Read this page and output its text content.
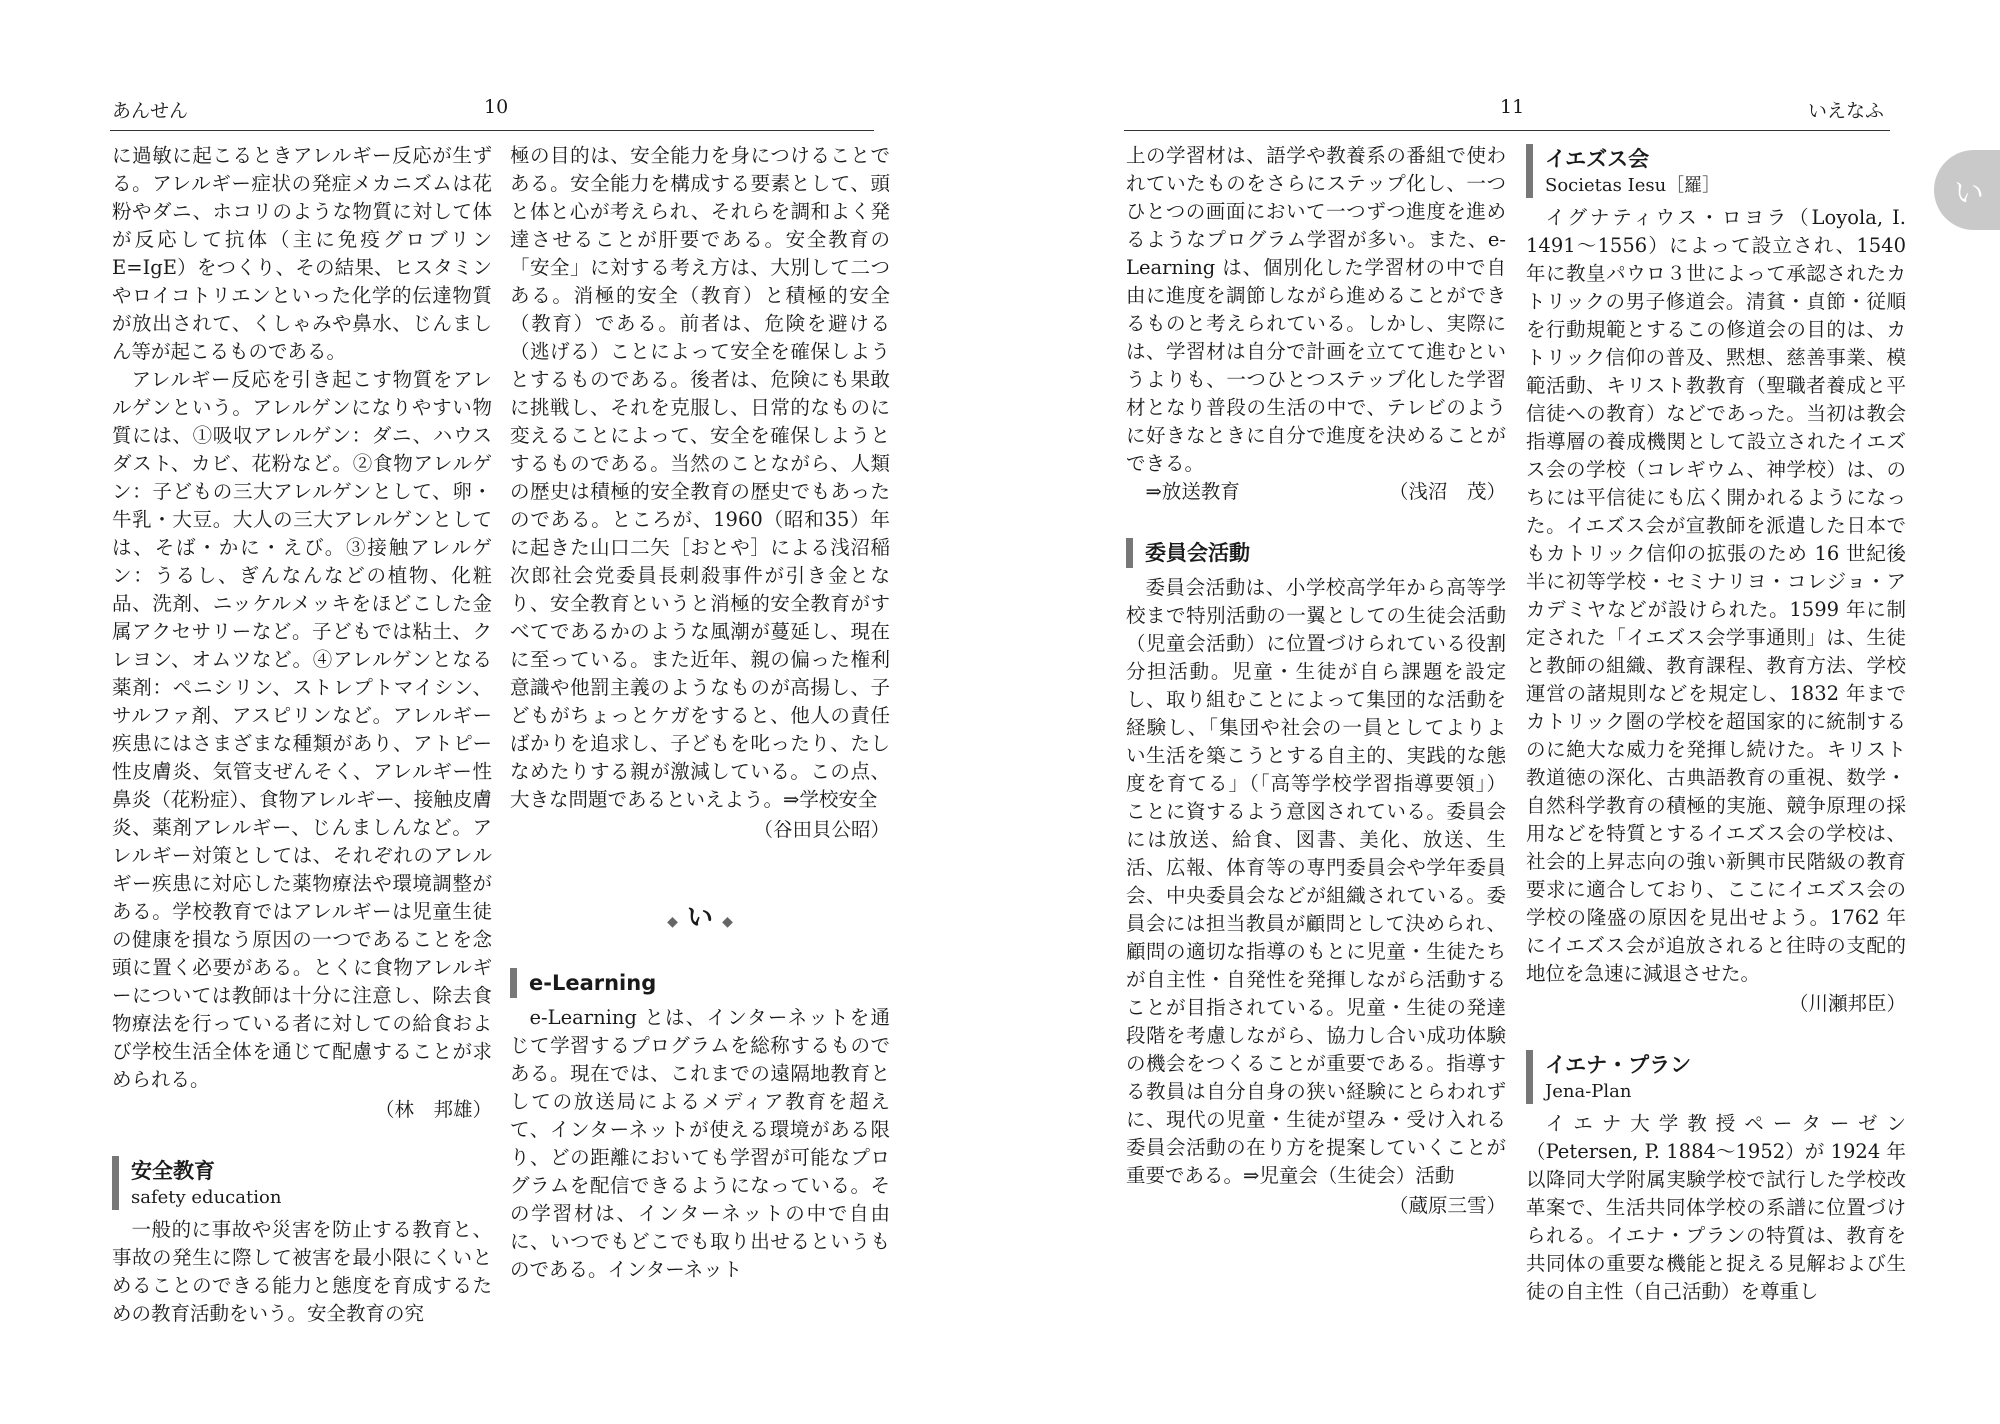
あんせん	10	11	いえなふ
い

に過敏に起こるときアレルギー反応が生ずる。アレルギー症状の発症メカニズムは花粉やダニ、ホコリのような物質に対して体が反応して抗体（主に免疫グロブリン E=IgE）をつくり、その結果、ヒスタミンやロイコトリエンといった化学的伝達物質が放出されて、くしゃみや鼻水、じんましん等が起こるものである。

アレルギー反応を引き起こす物質をアレルゲンという。アレルゲンになりやすい物質には、①吸収アレルゲン：ダニ、ハウスダスト、カビ、花粉など。②食物アレルゲン：子どもの三大アレルゲンとして、卵・牛乳・大豆。大人の三大アレルゲンとしては、そば・かに・えび。③接触アレルゲン：うるし、ぎんなんなどの植物、化粧品、洗剤、ニッケルメッキをほどこした金属アクセサリーなど。子どもでは粘土、クレヨン、オムツなど。④アレルゲンとなる薬剤：ペニシリン、ストレプトマイシン、サルファ剤、アスピリンなど。アレルギー疾患にはさまざまな種類があり、アトピー性皮膚炎、気管支ぜんそく、アレルギー性鼻炎（花粉症）、食物アレルギー、接触皮膚炎、薬剤アレルギー、じんましんなど。アレルギー対策としては、それぞれのアレルギー疾患に対応した薬物療法や環境調整がある。学校教育ではアレルギーは児童生徒の健康を損なう原因の一つであることを念頭に置く必要がある。とくに食物アレルギーについては教師は十分に注意し、除去食物療法を行っている者に対しての給食および学校生活全体を通じて配慮することが求められる。

（林　邦雄）
安全教育
safety education

一般的に事故や災害を防止する教育と、事故の発生に際して被害を最小限にくいとめることのできる能力と態度を育成するための教育活動をいう。安全教育の究

極の目的は、安全能力を身につけることである。安全能力を構成する要素として、頭と体と心が考えられ、それらを調和よく発達させることが肝要である。安全教育の「安全」に対する考え方は、大別して二つある。消極的安全（教育）と積極的安全（教育）である。前者は、危険を避ける（逃げる）ことによって安全を確保しようとするものである。後者は、危険にも果敢に挑戦し、それを克服し、日常的なものに変えることによって、安全を確保しようとするものである。当然のことながら、人類の歴史は積極的安全教育の歴史でもあったのである。ところが、1960（昭和35）年に起きた山口二矢［おとや］による浅沼稲次郎社会党委員長刺殺事件が引き金となり、安全教育というと消極的安全教育がすべてであるかのような風潮が蔓延し、現在に至っている。また近年、親の偏った権利意識や他罰主義のようなものが高揚し、子どもがちょっとケガをすると、他人の責任ばかりを追求し、子どもを叱ったり、たしなめたりする親が激減している。この点、大きな問題であるといえよう。⇒学校安全

（谷田貝公昭）
◆ い ◆
e-Learning

e-Learning とは、インターネットを通じて学習するプログラムを総称するものである。現在では、これまでの遠隔地教育としての放送局によるメディア教育を超えて、インターネットが使える環境がある限り、どの距離においても学習が可能なプログラムを配信できるようになっている。その学習材は、インターネットの中で自由に、いつでもどこでも取り出せるというものである。インターネット

上の学習材は、語学や教養系の番組で使われていたものをさらにステップ化し、一つひとつの画面において一つずつ進度を進めるようなプログラム学習が多い。また、e-Learning は、個別化した学習材の中で自由に進度を調節しながら進めることができるものと考えられている。しかし、実際には、学習材は自分で計画を立てて進むというよりも、一つひとつステップ化した学習材となり普段の生活の中で、テレビのように好きなときに自分で進度を決めることができる。

⇒放送教育	（浅沼　茂）
委員会活動

委員会活動は、小学校高学年から高等学校まで特別活動の一翼としての生徒会活動（児童会活動）に位置づけられている役割分担活動。児童・生徒が自ら課題を設定し、取り組むことによって集団的な活動を経験し、「集団や社会の一員としてよりよい生活を築こうとする自主的、実践的な態度を育てる」（「高等学校学習指導要領」）ことに資するよう意図されている。委員会には放送、給食、図書、美化、放送、生活、広報、体育等の専門委員会や学年委員会、中央委員会などが組織されている。委員会には担当教員が顧問として決められ、顧問の適切な指導のもとに児童・生徒たちが自主性・自発性を発揮しながら活動することが目指されている。児童・生徒の発達段階を考慮しながら、協力し合い成功体験の機会をつくることが重要である。指導する教員は自分自身の狭い経験にとらわれずに、現代の児童・生徒が望み・受け入れる委員会活動の在り方を提案していくことが重要である。⇒児童会（生徒会）活動

（蔵原三雪）
イエズス会
Societas Iesu［羅］

イグナティウス・ロヨラ（Loyola, I. 1491～1556）によって設立され、1540年に教皇パウロ３世によって承認されたカトリックの男子修道会。清貧・貞節・従順を行動規範とするこの修道会の目的は、カトリック信仰の普及、黙想、慈善事業、模範活動、キリスト教教育（聖職者養成と平信徒への教育）などであった。当初は教会指導層の養成機関として設立されたイエズス会の学校（コレギウム、神学校）は、のちには平信徒にも広く開かれるようになった。イエズス会が宣教師を派遣した日本でもカトリック信仰の拡張のため 16 世紀後半に初等学校・セミナリヨ・コレジョ・アカデミヤなどが設けられた。1599 年に制定された「イエズス会学事通則」は、生徒と教師の組織、教育課程、教育方法、学校運営の諸規則などを規定し、1832 年までカトリック圏の学校を超国家的に統制するのに絶大な威力を発揮し続けた。キリスト教道徳の深化、古典語教育の重視、数学・自然科学教育の積極的実施、競争原理の採用などを特質とするイエズス会の学校は、社会的上昇志向の強い新興市民階級の教育要求に適合しており、ここにイエズス会の学校の隆盛の原因を見出せよう。1762 年にイエズス会が追放されると往時の支配的地位を急速に減退させた。

（川瀬邦臣）
イエナ・プラン
Jena-Plan

イエナ大学教授ペーターゼン（Petersen, P. 1884～1952）が 1924 年以降同大学附属実験学校で試行した学校改革案で、生活共同体学校の系譜に位置づけられる。イエナ・プランの特質は、教育を共同体の重要な機能と捉える見解および生徒の自主性（自己活動）を尊重し
